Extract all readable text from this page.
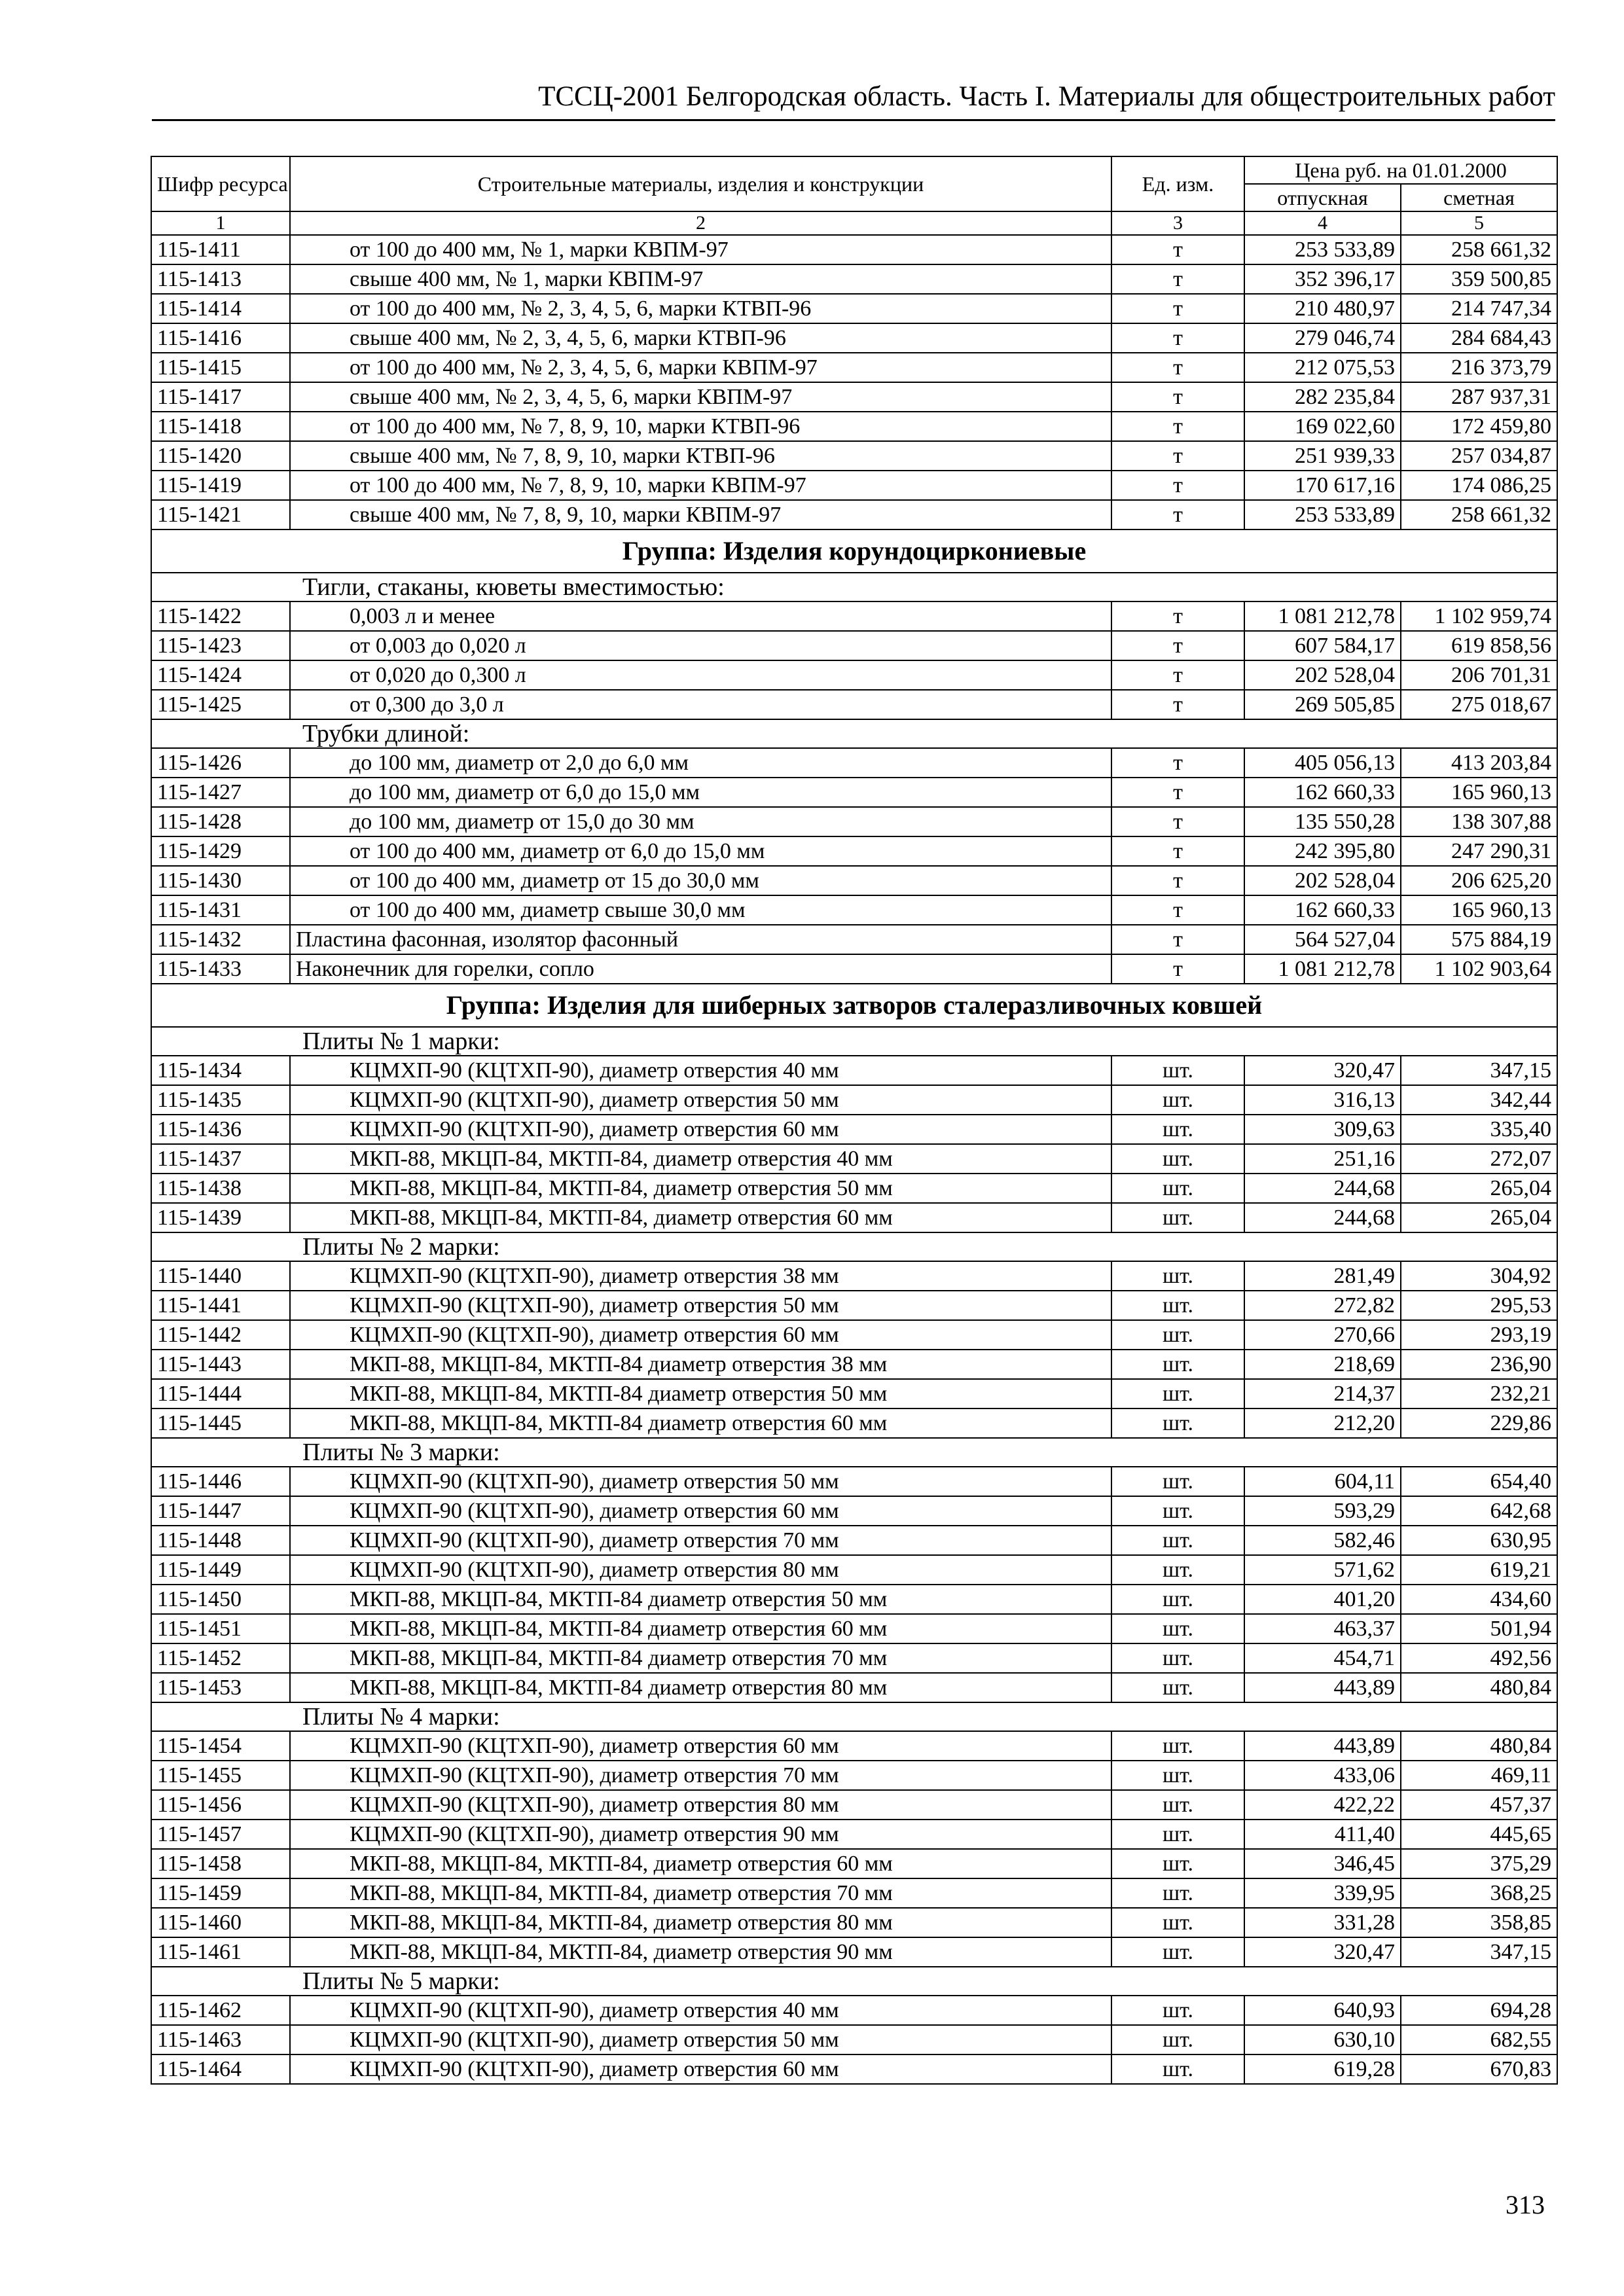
ТССЦ-2001 Белгородская область. Часть I. Материалы для общестроительных работ
Шифр ресурса	Строительные материалы, изделия и конструкции	Ед. изм.	Цена руб. на 01.01.2000	
			отпускная	сметная
1	2	3	4	5
115-1411	от 100 до 400 мм, № 1, марки КВПМ-97	т	253 533,89	258 661,32
115-1413	свыше 400 мм, № 1, марки КВПМ-97	т	352 396,17	359 500,85
115-1414	от 100 до 400 мм, № 2, 3, 4, 5, 6, марки КТВП-96	т	210 480,97	214 747,34
115-1416	свыше 400 мм, № 2, 3, 4, 5, 6, марки КТВП-96	т	279 046,74	284 684,43
115-1415	от 100 до 400 мм, № 2, 3, 4, 5, 6, марки КВПМ-97	т	212 075,53	216 373,79
115-1417	свыше 400 мм, № 2, 3, 4, 5, 6, марки КВПМ-97	т	282 235,84	287 937,31
115-1418	от 100 до 400 мм, № 7, 8, 9, 10, марки КТВП-96	т	169 022,60	172 459,80
115-1420	свыше 400 мм, № 7, 8, 9, 10, марки КТВП-96	т	251 939,33	257 034,87
115-1419	от 100 до 400 мм, № 7, 8, 9, 10, марки КВПМ-97	т	170 617,16	174 086,25
115-1421	свыше 400 мм, № 7, 8, 9, 10, марки КВПМ-97	т	253 533,89	258 661,32
Группа: Изделия корундоциркониевые				
Тигли, стаканы, кюветы вместимостью:				
115-1422	0,003 л и менее	т	1 081 212,78	1 102 959,74
115-1423	от 0,003 до 0,020 л	т	607 584,17	619 858,56
115-1424	от 0,020 до 0,300 л	т	202 528,04	206 701,31
115-1425	от 0,300 до 3,0 л	т	269 505,85	275 018,67
Трубки длиной:				
115-1426	до 100 мм, диаметр от 2,0 до 6,0 мм	т	405 056,13	413 203,84
115-1427	до 100 мм, диаметр от 6,0 до 15,0 мм	т	162 660,33	165 960,13
115-1428	до 100 мм, диаметр от 15,0 до 30 мм	т	135 550,28	138 307,88
115-1429	от 100 до 400 мм, диаметр от 6,0 до 15,0 мм	т	242 395,80	247 290,31
115-1430	от 100 до 400 мм, диаметр от 15 до 30,0 мм	т	202 528,04	206 625,20
115-1431	от 100 до 400 мм, диаметр свыше 30,0 мм	т	162 660,33	165 960,13
115-1432	Пластина фасонная, изолятор фасонный	т	564 527,04	575 884,19
115-1433	Наконечник для горелки, сопло	т	1 081 212,78	1 102 903,64
Группа: Изделия для шиберных затворов сталеразливочных ковшей				
Плиты № 1 марки:				
115-1434	КЦМХП-90 (КЦТХП-90), диаметр отверстия 40 мм	шт.	320,47	347,15
115-1435	КЦМХП-90 (КЦТХП-90), диаметр отверстия 50 мм	шт.	316,13	342,44
115-1436	КЦМХП-90 (КЦТХП-90), диаметр отверстия 60 мм	шт.	309,63	335,40
115-1437	МКП-88, МКЦП-84, МКТП-84, диаметр отверстия 40 мм	шт.	251,16	272,07
115-1438	МКП-88, МКЦП-84, МКТП-84, диаметр отверстия 50 мм	шт.	244,68	265,04
115-1439	МКП-88, МКЦП-84, МКТП-84, диаметр отверстия 60 мм	шт.	244,68	265,04
Плиты № 2 марки:				
115-1440	КЦМХП-90 (КЦТХП-90), диаметр отверстия 38 мм	шт.	281,49	304,92
115-1441	КЦМХП-90 (КЦТХП-90), диаметр отверстия 50 мм	шт.	272,82	295,53
115-1442	КЦМХП-90 (КЦТХП-90), диаметр отверстия 60 мм	шт.	270,66	293,19
115-1443	МКП-88, МКЦП-84, МКТП-84 диаметр отверстия 38 мм	шт.	218,69	236,90
115-1444	МКП-88, МКЦП-84, МКТП-84 диаметр отверстия 50 мм	шт.	214,37	232,21
115-1445	МКП-88, МКЦП-84, МКТП-84 диаметр отверстия 60 мм	шт.	212,20	229,86
Плиты № 3 марки:				
115-1446	КЦМХП-90 (КЦТХП-90), диаметр отверстия 50 мм	шт.	604,11	654,40
115-1447	КЦМХП-90 (КЦТХП-90), диаметр отверстия 60 мм	шт.	593,29	642,68
115-1448	КЦМХП-90 (КЦТХП-90), диаметр отверстия 70 мм	шт.	582,46	630,95
115-1449	КЦМХП-90 (КЦТХП-90), диаметр отверстия 80 мм	шт.	571,62	619,21
115-1450	МКП-88, МКЦП-84, МКТП-84 диаметр отверстия 50 мм	шт.	401,20	434,60
115-1451	МКП-88, МКЦП-84, МКТП-84 диаметр отверстия 60 мм	шт.	463,37	501,94
115-1452	МКП-88, МКЦП-84, МКТП-84 диаметр отверстия 70 мм	шт.	454,71	492,56
115-1453	МКП-88, МКЦП-84, МКТП-84 диаметр отверстия 80 мм	шт.	443,89	480,84
Плиты № 4 марки:				
115-1454	КЦМХП-90 (КЦТХП-90), диаметр отверстия 60 мм	шт.	443,89	480,84
115-1455	КЦМХП-90 (КЦТХП-90), диаметр отверстия 70 мм	шт.	433,06	469,11
115-1456	КЦМХП-90 (КЦТХП-90), диаметр отверстия 80 мм	шт.	422,22	457,37
115-1457	КЦМХП-90 (КЦТХП-90), диаметр отверстия 90 мм	шт.	411,40	445,65
115-1458	МКП-88, МКЦП-84, МКТП-84, диаметр отверстия 60 мм	шт.	346,45	375,29
115-1459	МКП-88, МКЦП-84, МКТП-84, диаметр отверстия 70 мм	шт.	339,95	368,25
115-1460	МКП-88, МКЦП-84, МКТП-84, диаметр отверстия 80 мм	шт.	331,28	358,85
115-1461	МКП-88, МКЦП-84, МКТП-84, диаметр отверстия 90 мм	шт.	320,47	347,15
Плиты № 5 марки:				
115-1462	КЦМХП-90 (КЦТХП-90), диаметр отверстия 40 мм	шт.	640,93	694,28
115-1463	КЦМХП-90 (КЦТХП-90), диаметр отверстия 50 мм	шт.	630,10	682,55
115-1464	КЦМХП-90 (КЦТХП-90), диаметр отверстия 60 мм	шт.	619,28	670,83
313
